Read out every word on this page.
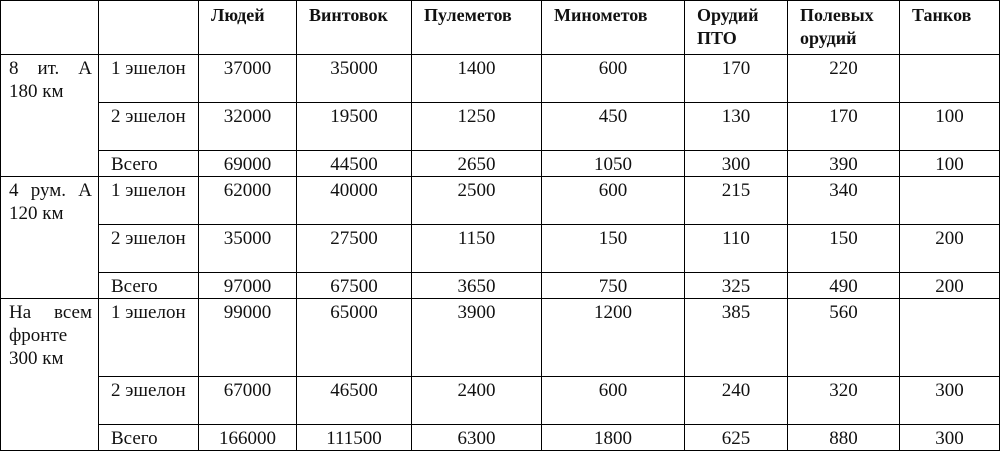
		Людей	Винтовок	Пулеметов	Минометов	Орудий ПТО	Полевых орудий	Танков
8 ит. А 180 км	1 эшелон	37000	35000	1400	600	170	220	
	2 эшелон	32000	19500	1250	450	130	170	100
	Всего	69000	44500	2650	1050	300	390	100
4 рум. А 120 км	1 эшелон	62000	40000	2500	600	215	340	
	2 эшелон	35000	27500	1150	150	110	150	200
	Всего	97000	67500	3650	750	325	490	200
На всем фронте 300 км	1 эшелон	99000	65000	3900	1200	385	560	
	2 эшелон	67000	46500	2400	600	240	320	300
	Всего	166000	111500	6300	1800	625	880	300
